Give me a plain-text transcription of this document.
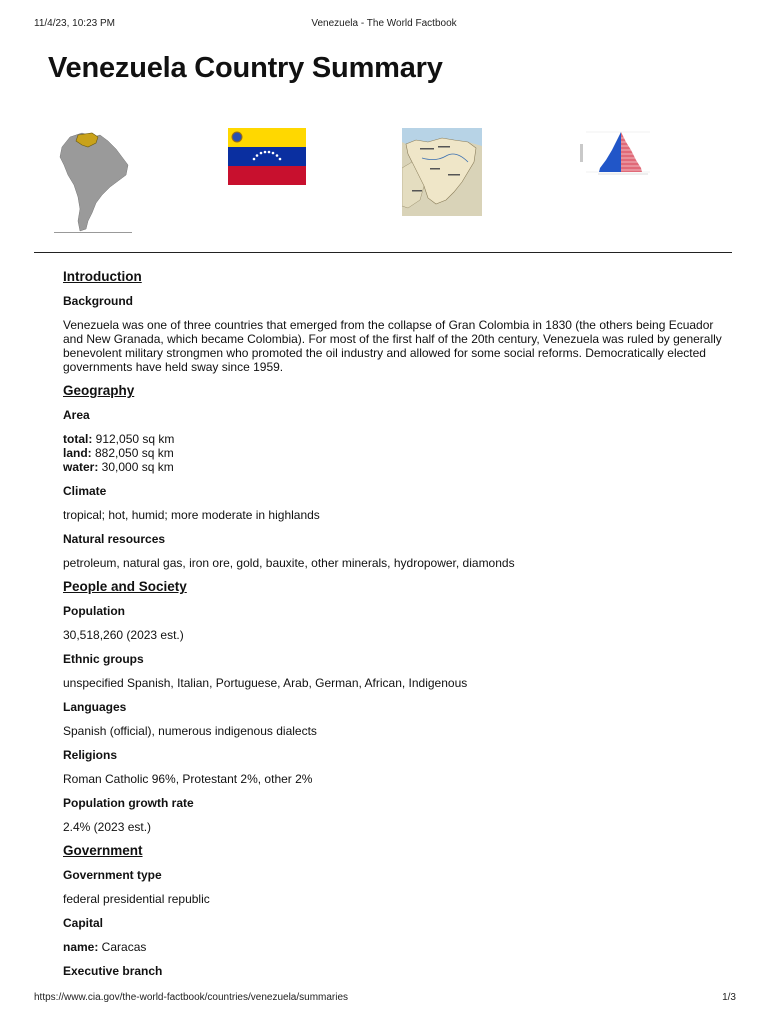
11/4/23, 10:23 PM	Venezuela - The World Factbook
Venezuela Country Summary
Introduction
Background
Venezuela was one of three countries that emerged from the collapse of Gran Colombia in 1830 (the others being Ecuador and New Granada, which became Colombia). For most of the first half of the 20th century, Venezuela was ruled by generally benevolent military strongmen who promoted the oil industry and allowed for some social reforms. Democratically elected governments have held sway since 1959.
Geography
Area
total: 912,050 sq km
land: 882,050 sq km
water: 30,000 sq km
Climate
tropical; hot, humid; more moderate in highlands
Natural resources
petroleum, natural gas, iron ore, gold, bauxite, other minerals, hydropower, diamonds
People and Society
Population
30,518,260 (2023 est.)
Ethnic groups
unspecified Spanish, Italian, Portuguese, Arab, German, African, Indigenous
Languages
Spanish (official), numerous indigenous dialects
Religions
Roman Catholic 96%, Protestant 2%, other 2%
Population growth rate
2.4% (2023 est.)
Government
Government type
federal presidential republic
Capital
name: Caracas
Executive branch
https://www.cia.gov/the-world-factbook/countries/venezuela/summaries	1/3
